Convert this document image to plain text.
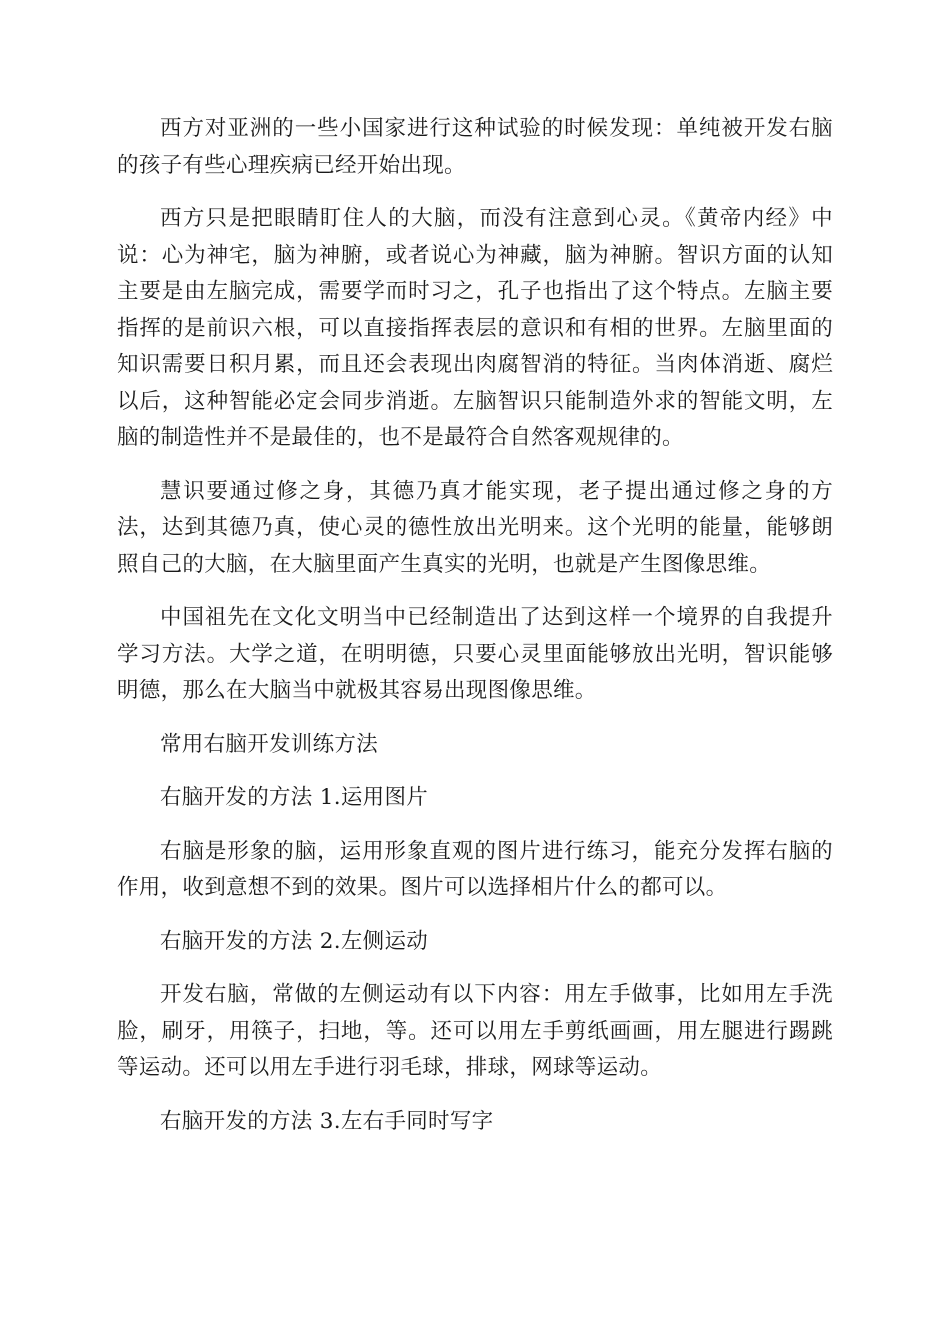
西方对亚洲的一些小国家进行这种试验的时候发现：单纯被开发右脑的孩子有些心理疾病已经开始出现。

西方只是把眼睛盯住人的大脑，而没有注意到心灵。《黄帝内经》中说：心为神宅，脑为神腑，或者说心为神藏，脑为神腑。智识方面的认知主要是由左脑完成，需要学而时习之，孔子也指出了这个特点。左脑主要指挥的是前识六根，可以直接指挥表层的意识和有相的世界。左脑里面的知识需要日积月累，而且还会表现出肉腐智消的特征。当肉体消逝、腐烂以后，这种智能必定会同步消逝。左脑智识只能制造外求的智能文明，左脑的制造性并不是最佳的，也不是最符合自然客观规律的。

慧识要通过修之身，其德乃真才能实现，老子提出通过修之身的方法，达到其德乃真，使心灵的德性放出光明来。这个光明的能量，能够朗照自己的大脑，在大脑里面产生真实的光明，也就是产生图像思维。

中国祖先在文化文明当中已经制造出了达到这样一个境界的自我提升学习方法。大学之道，在明明德，只要心灵里面能够放出光明，智识能够明德，那么在大脑当中就极其容易出现图像思维。

常用右脑开发训练方法

右脑开发的方法 1.运用图片

右脑是形象的脑，运用形象直观的图片进行练习，能充分发挥右脑的作用，收到意想不到的效果。图片可以选择相片什么的都可以。

右脑开发的方法 2.左侧运动

开发右脑，常做的左侧运动有以下内容：用左手做事，比如用左手洗脸，刷牙，用筷子，扫地，等。还可以用左手剪纸画画，用左腿进行踢跳等运动。还可以用左手进行羽毛球，排球，网球等运动。

右脑开发的方法 3.左右手同时写字
